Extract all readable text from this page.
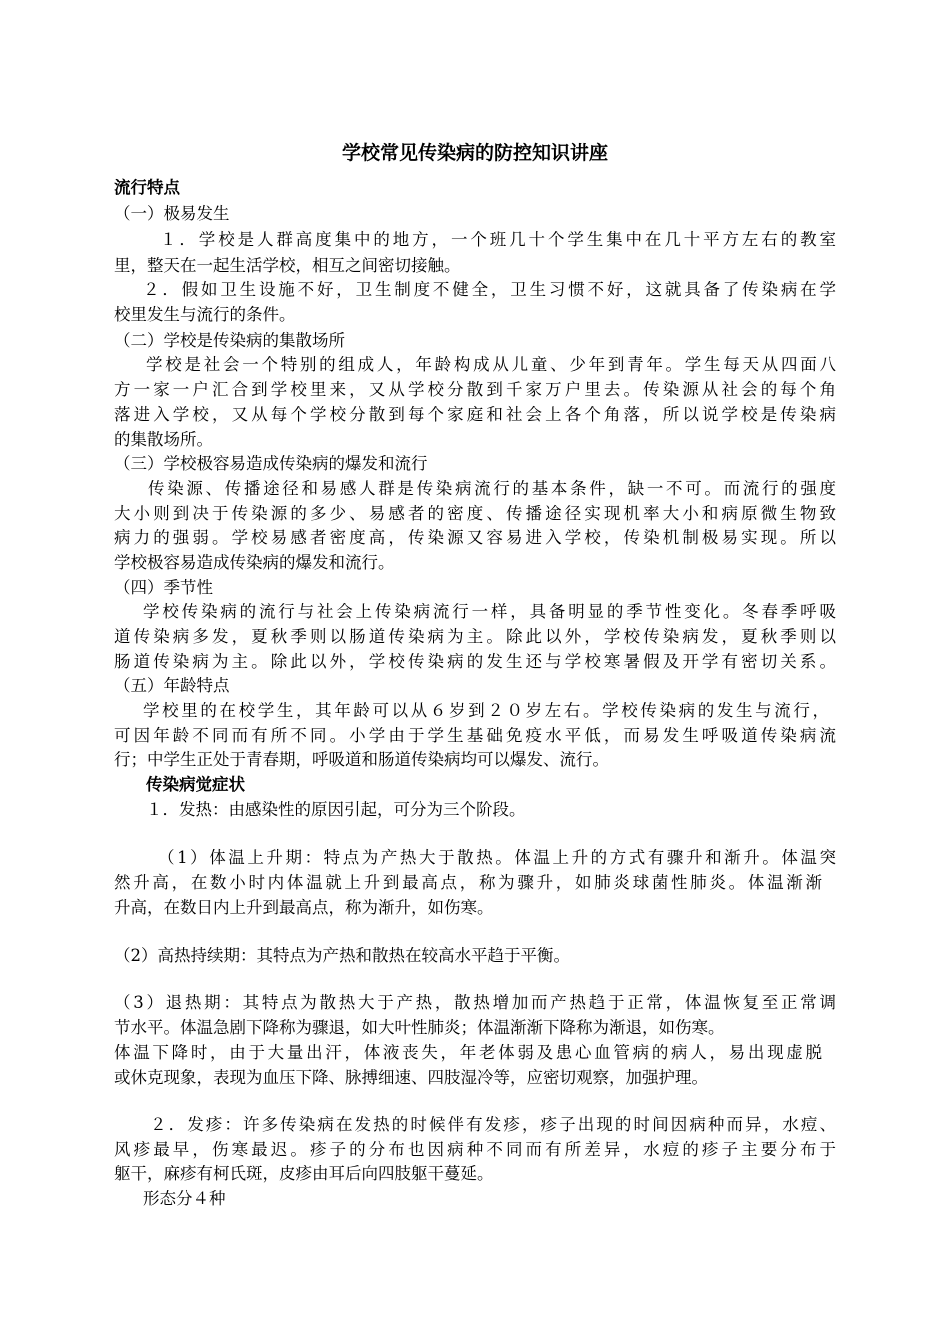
学校常见传染病的防控知识讲座
流行特点
（一）极易发生
１．学校是人群高度集中的地方，一个班几十个学生集中在几十平方左右的教室
里，整天在一起生活学校，相互之间密切接触。
２．假如卫生设施不好，卫生制度不健全，卫生习惯不好，这就具备了传染病在学
校里发生与流行的条件。
（二）学校是传染病的集散场所
学校是社会一个特别的组成人，年龄构成从儿童、少年到青年。学生每天从四面八
方一家一户汇合到学校里来，又从学校分散到千家万户里去。传染源从社会的每个角
落进入学校，又从每个学校分散到每个家庭和社会上各个角落，所以说学校是传染病
的集散场所。
（三）学校极容易造成传染病的爆发和流行
传染源、传播途径和易感人群是传染病流行的基本条件，缺一不可。而流行的强度
大小则到决于传染源的多少、易感者的密度、传播途径实现机率大小和病原微生物致
病力的强弱。学校易感者密度高，传染源又容易进入学校，传染机制极易实现。所以
学校极容易造成传染病的爆发和流行。
（四）季节性
学校传染病的流行与社会上传染病流行一样，具备明显的季节性变化。冬春季呼吸
道传染病多发，夏秋季则以肠道传染病为主。除此以外，学校传染病发，夏秋季则以
肠道传染病为主。除此以外，学校传染病的发生还与学校寒暑假及开学有密切关系。
（五）年龄特点
学校里的在校学生，其年龄可以从６岁到２０岁左右。学校传染病的发生与流行，
可因年龄不同而有所不同。小学由于学生基础免疫水平低，而易发生呼吸道传染病流
行；中学生正处于青春期，呼吸道和肠道传染病均可以爆发、流行。
传染病觉症状
１．发热：由感染性的原因引起，可分为三个阶段。
（1）体温上升期：特点为产热大于散热。体温上升的方式有骤升和渐升。体温突
然升高，在数小时内体温就上升到最高点，称为骤升，如肺炎球菌性肺炎。体温渐渐
升高，在数日内上升到最高点，称为渐升，如伤寒。
（2）高热持续期：其特点为产热和散热在较高水平趋于平衡。
（3）退热期：其特点为散热大于产热，散热增加而产热趋于正常，体温恢复至正常调
节水平。体温急剧下降称为骤退，如大叶性肺炎；体温渐渐下降称为渐退，如伤寒。
体温下降时，由于大量出汗，体液丧失，年老体弱及患心血管病的病人，易出现虚脱
或休克现象，表现为血压下降、脉搏细速、四肢湿冷等，应密切观察，加强护理。
２．发疹：许多传染病在发热的时候伴有发疹，疹子出现的时间因病种而异，水痘、
风疹最早，伤寒最迟。疹子的分布也因病种不同而有所差异，水痘的疹子主要分布于
躯干，麻疹有柯氏斑，皮疹由耳后向四肢躯干蔓延。
形态分４种
